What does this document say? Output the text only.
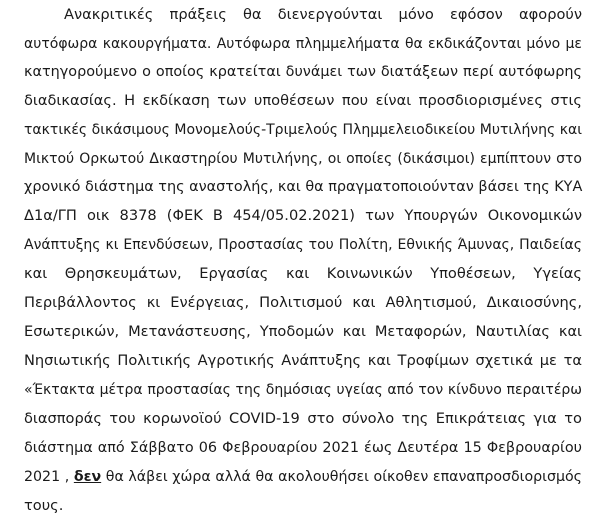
Ανακριτικές πράξεις θα διενεργούνται μόνο εφόσον αφορούν
αυτόφωρα κακουργήματα. Αυτόφωρα πλημμελήματα θα εκδικάζονται μόνο με
κατηγορούμενο ο οποίος κρατείται δυνάμει των διατάξεων περί αυτόφωρης
διαδικασίας. Η εκδίκαση των υποθέσεων που είναι προσδιορισμένες στις
τακτικές δικάσιμους Μονομελούς-Τριμελούς Πλημμελειοδικείου Μυτιλήνης και
Μικτού Ορκωτού Δικαστηρίου Μυτιλήνης, οι οποίες (δικάσιμοι) εμπίπτουν στο
χρονικό διάστημα της αναστολής, και θα πραγματοποιούνταν βάσει της ΚΥΑ
Δ1α/ΓΠ οικ 8378 (ΦΕΚ Β 454/05.02.2021) των Υπουργών Οικονομικών
Ανάπτυξης κι Επενδύσεων, Προστασίας του Πολίτη, Εθνικής Άμυνας, Παιδείας
και Θρησκευμάτων, Εργασίας και Κοινωνικών Υποθέσεων, Υγείας
Περιβάλλοντος κι Ενέργειας, Πολιτισμού και Αθλητισμού, Δικαιοσύνης,
Εσωτερικών, Μετανάστευσης, Υποδομών και Μεταφορών, Ναυτιλίας και
Νησιωτικής Πολιτικής Αγροτικής Ανάπτυξης και Τροφίμων σχετικά με τα
«Έκτακτα μέτρα προστασίας της δημόσιας υγείας από τον κίνδυνο περαιτέρω
διασποράς του κορωνοϊού COVID-19 στο σύνολο της Επικράτειας για το
διάστημα από Σάββατο 06 Φεβρουαρίου 2021 έως Δευτέρα 15 Φεβρουαρίου
2021 , δεν θα λάβει χώρα αλλά θα ακολουθήσει οίκοθεν επαναπροσδιορισμός
τους.
